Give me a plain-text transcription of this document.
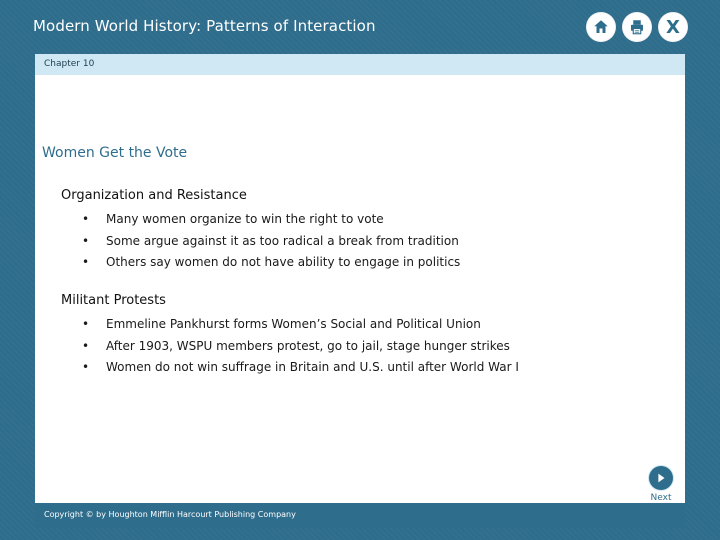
Modern World History: Patterns of Interaction	X
Chapter 10
Women Get the Vote
Organization and Resistance
• Many women organize to win the right to vote
• Some argue against it as too radical a break from tradition
• Others say women do not have ability to engage in politics
Militant Protests
• Emmeline Pankhurst forms Women’s Social and Political Union
• After 1903, WSPU members protest, go to jail, stage hunger strikes
• Women do not win suffrage in Britain and U.S. until after World War I
Next
Copyright © by Houghton Mifflin Harcourt Publishing Company
